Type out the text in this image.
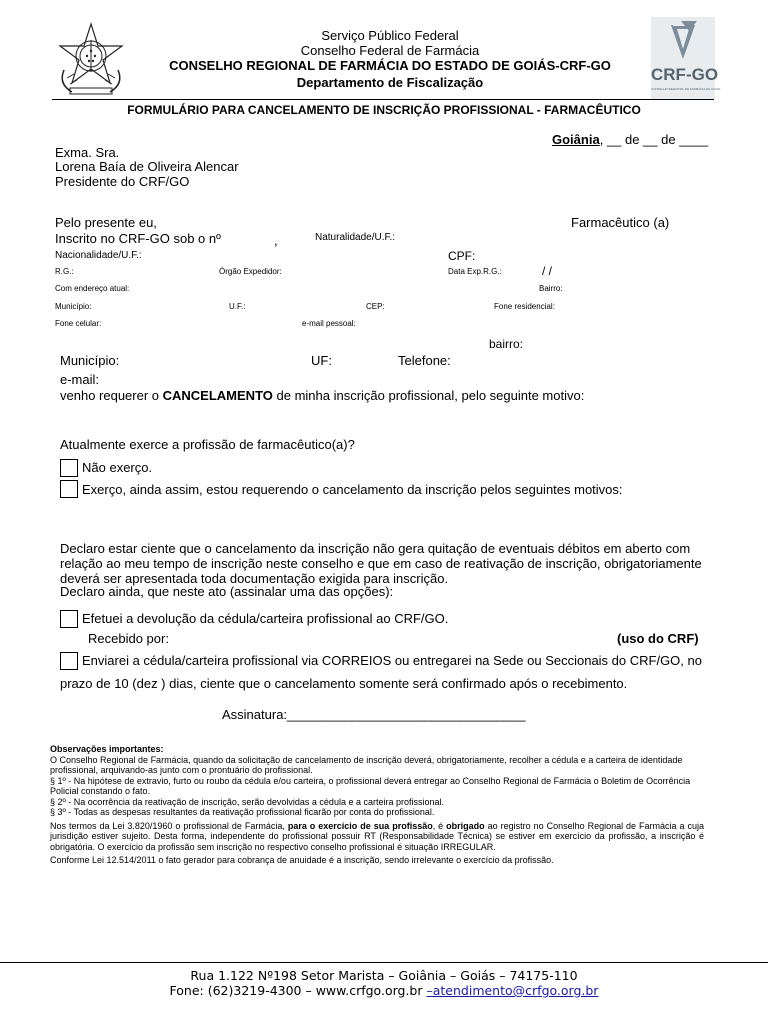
Serviço Público Federal
Conselho Federal de Farmácia
CONSELHO REGIONAL DE FARMÁCIA DO ESTADO DE GOIÁS-CRF-GO
Departamento de Fiscalização	CRF-GO
CONSELHO REGIONAL DE FARMÁCIA DE GOIÁS
FORMULÁRIO PARA CANCELAMENTO DE INSCRIÇÃO PROFISSIONAL - FARMACÊUTICO
Goiânia, __ de __ de ____
Exma. Sra.
Lorena Baía de Oliveira Alencar
Presidente do CRF/GO
Pelo presente eu,	Farmacêutico (a)
Inscrito no CRF-GO sob o nº	,	Naturalidade/U.F.:
Nacionalidade/U.F.:	CPF:
R.G.:	Órgão Expedidor:	Data Exp.R.G.:	/ /
Com endereço atual:	Bairro:
Município:	U.F.:	CEP:	Fone residencial:
Fone celular:	e-mail pessoal:
bairro:
Município:	UF:	Telefone:
e-mail:
venho requerer o CANCELAMENTO de minha inscrição profissional, pelo seguinte motivo:
Atualmente exerce a profissão de farmacêutico(a)?
Não exerço.
Exerço, ainda assim, estou requerendo o cancelamento da inscrição pelos seguintes motivos:
Declaro estar ciente que o cancelamento da inscrição não gera quitação de eventuais débitos em aberto com
relação ao meu tempo de inscrição neste conselho e que em caso de reativação de inscrição, obrigatoriamente
deverá ser apresentada toda documentação exigida para inscrição.
Declaro ainda, que neste ato (assinalar uma das opções):
Efetuei a devolução da cédula/carteira profissional ao CRF/GO.
Recebido por:	(uso do CRF)
Enviarei a cédula/carteira profissional via CORREIOS ou entregarei na Sede ou Seccionais do CRF/GO, no
prazo de 10 (dez ) dias, ciente que o cancelamento somente será confirmado após o recebimento.
Assinatura:_________________________________

Observações importantes:

O Conselho Regional de Farmácia, quando da solicitação de cancelamento de inscrição deverá, obrigatoriamente, recolher a cédula e a carteira de identidade profissional, arquivando-as junto com o prontuário do profissional.

§ 1º - Na hipótese de extravio, furto ou roubo da cédula e/ou carteira, o profissional deverá entregar ao Conselho Regional de Farmácia o Boletim de Ocorrência Policial constando o fato.

§ 2º - Na ocorrência da reativação de inscrição, serão devolvidas a cédula e a carteira profissional.

§ 3º - Todas as despesas resultantes da reativação profissional ficarão por conta do profissional.

Nos termos da Lei 3.820/1960 o profissional de Farmácia, para o exercício de sua profissão, é obrigado ao registro no Conselho Regional de Farmácia a cuja jurisdição estiver sujeito. Desta forma, independente do profissional possuir RT (Responsabilidade Técnica) se estiver em exercício da profissão, a inscrição é obrigatória. O exercício da profissão sem inscrição no respectivo conselho profissional é situação IRREGULAR.

Conforme Lei 12.514/2011 o fato gerador para cobrança de anuidade é a inscrição, sendo irrelevante o exercício da profissão.

Rua 1.122 Nº198 Setor Marista – Goiânia – Goiás – 74175-110
Fone: (62)3219-4300 – www.crfgo.org.br –atendimento@crfgo.org.br
